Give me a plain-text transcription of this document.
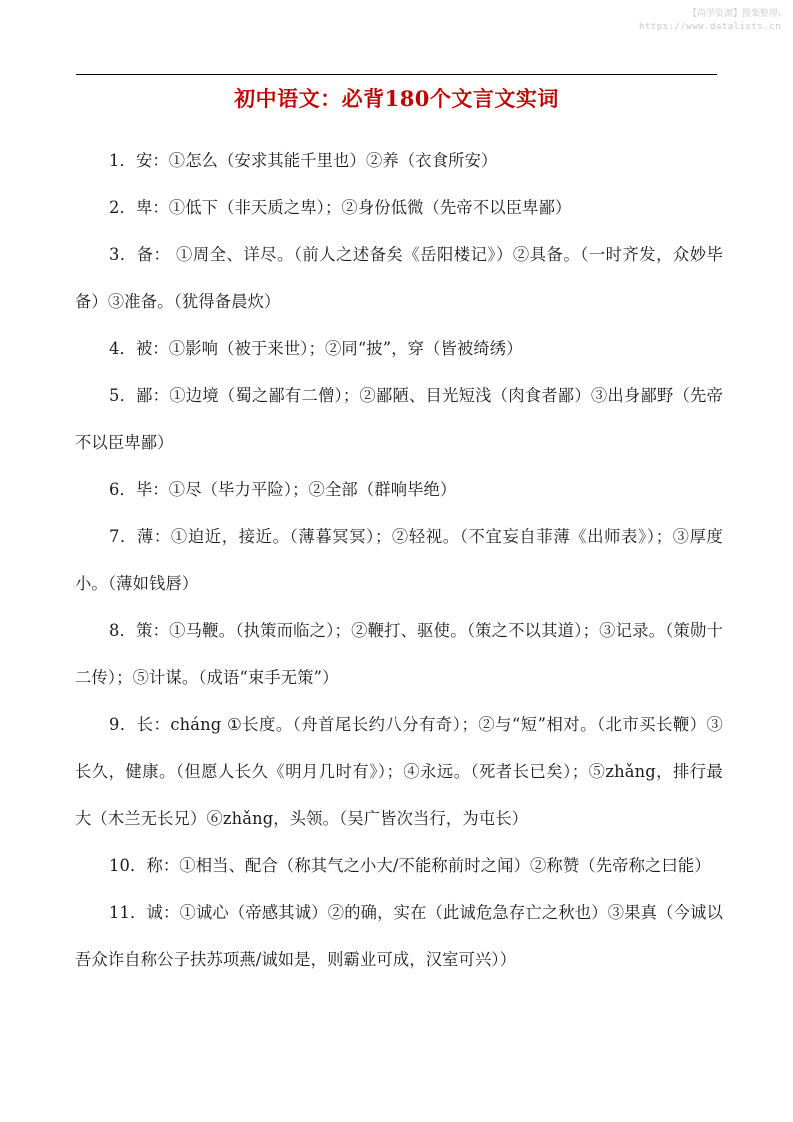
【尚学资源】搜集整理:
https://www.datalists.cn
初中语文：必背180个文言文实词

1．安：①怎么（安求其能千里也）②养（衣食所安）

2．卑：①低下（非天质之卑）；②身份低微（先帝不以臣卑鄙）

3．备： ①周全、详尽。（前人之述备矣《岳阳楼记》）②具备。（一时齐发，众妙毕备）③准备。（犹得备晨炊）

4．被：①影响（被于来世）；②同“披”，穿（皆被绮绣）

5．鄙：①边境（蜀之鄙有二僧）；②鄙陋、目光短浅（肉食者鄙）③出身鄙野（先帝不以臣卑鄙）

6．毕：①尽（毕力平险）；②全部（群响毕绝）

7．薄：①迫近，接近。（薄暮冥冥）；②轻视。（不宜妄自菲薄《出师表》）；③厚度小。（薄如钱唇）

8．策：①马鞭。（执策而临之）；②鞭打、驱使。（策之不以其道）；③记录。（策勋十二传）；⑤计谋。（成语“束手无策”）

9．长：cháng ①长度。（舟首尾长约八分有奇）；②与“短”相对。（北市买长鞭）③长久，健康。（但愿人长久《明月几时有》）；④永远。（死者长已矣）；⑤zhǎng，排行最大（木兰无长兄）⑥zhǎng，头领。（吴广皆次当行，为屯长）

10．称：①相当、配合（称其气之小大/不能称前时之闻）②称赞（先帝称之曰能）

11．诚：①诚心（帝感其诚）②的确，实在（此诚危急存亡之秋也）③果真（今诚以吾众诈自称公子扶苏项燕/诚如是，则霸业可成，汉室可兴））
